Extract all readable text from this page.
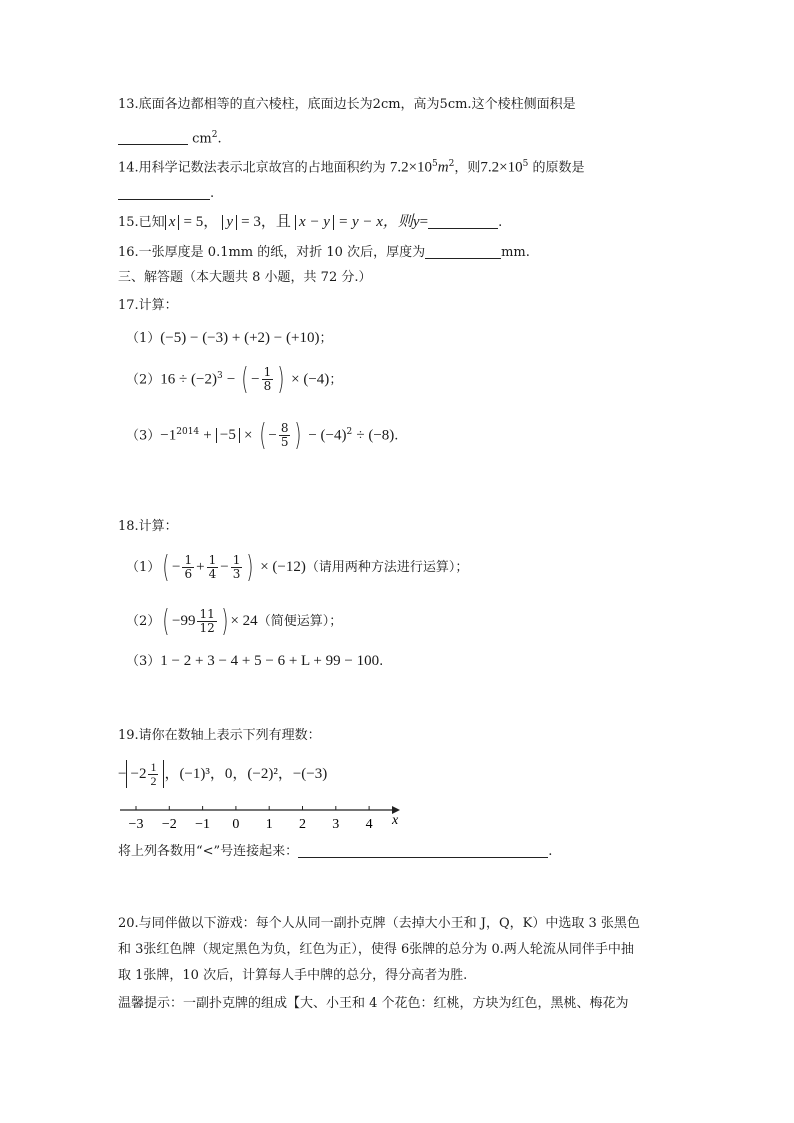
13.底面各边都相等的直六棱柱，底面边长为2cm，高为5cm.这个棱柱侧面积是
$cm^2$.
14.用科学记数法表示北京故宫的占地面积约为 $7.2\times 10^5m^2$，则$7.2\times 10^5$ 的原数是
.
15.已知 x = 5， y = 3，且 x − y = y − x，则y=	.
16.一张厚度是 0.1mm 的纸，对折 10 次后，厚度为	mm.
三、解答题（本大题共 8 小题，共 72 分.）
17.计算：
（1）(−5) − (−3) + (+2) − (+10)；
$(2)16 \div (-2)^3$ − ( − $\frac{1}{8}$ ) × (−4)；
$(3)-1^{2014} + -5$ × ( − $\frac{8}{5}$ ) − $(-4)^2 \div (-8)$.
18.计算：
$(1)( - \frac{1}{6} + \frac{1}{4} - \frac{1}{3}$ ) × (−12)（请用两种方法进行运算）；
$(2)( -99 \frac{11}{12}$ ) × 24（简便运算）；
（3）1 − 2 + 3 − 4 + 5 − 6 + L + 99 − 100.
19.请你在数轴上表示下列有理数：
− $-2 \frac{1}{2}$ ，(−1)³，0，(−2)²，−(−3)
x
−3 −2 −1 0 1 2 3 4
将上列各数用“<”号连接起来：	.
20.与同伴做以下游戏：每个人从同一副扑克牌（去掉大小王和 J，Q，K）中选取 3 张黑色
和 3张红色牌（规定黑色为负，红色为正），使得 6张牌的总分为 0.两人轮流从同伴手中抽
取 1张牌，10 次后，计算每人手中牌的总分，得分高者为胜.
温馨提示：一副扑克牌的组成【大、小王和 4 个花色：红桃，方块为红色，黑桃、梅花为
